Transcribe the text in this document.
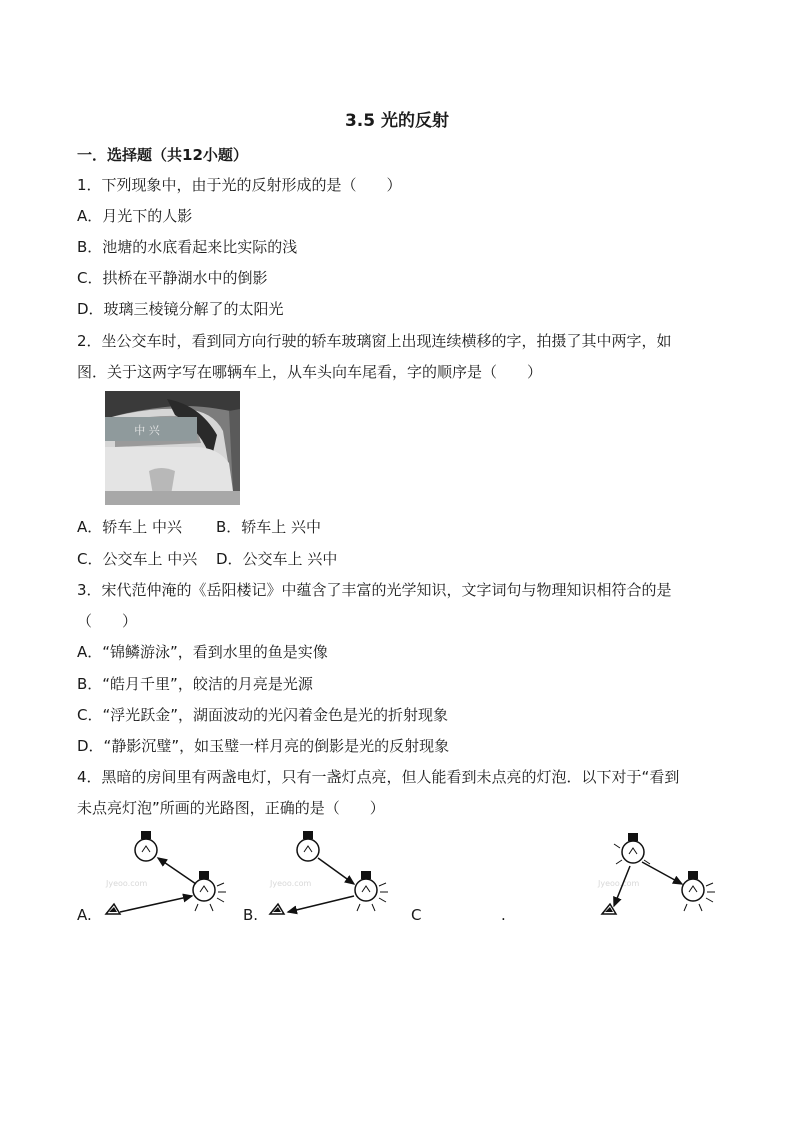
3.5 光的反射
一．选择题（共12小题）
1．下列现象中，由于光的反射形成的是（　　）
A．月光下的人影
B．池塘的水底看起来比实际的浅
C．拱桥在平静湖水中的倒影
D．玻璃三棱镜分解了的太阳光
2．坐公交车时，看到同方向行驶的轿车玻璃窗上出现连续横移的字，拍摄了其中两字，如
图．关于这两字写在哪辆车上，从车头向车尾看，字的顺序是（　　）
中 兴
A．轿车上 中兴 B．轿车上 兴中
C．公交车上 中兴 D．公交车上 兴中
3．宋代范仲淹的《岳阳楼记》中蕴含了丰富的光学知识，文字词句与物理知识相符合的是
（　　）
A．“锦鳞游泳”，看到水里的鱼是实像
B．“皓月千里”，皎洁的月亮是光源
C．“浮光跃金”，湖面波动的光闪着金色是光的折射现象
D．“静影沉璧”，如玉璧一样月亮的倒影是光的反射现象
4．黑暗的房间里有两盏电灯，只有一盏灯点亮，但人能看到未点亮的灯泡．以下对于“看到
未点亮灯泡”所画的光路图，正确的是（　　）
Jyeoo.com
A.
Jyeoo.com
B.	C	.
Jyeoo.com
